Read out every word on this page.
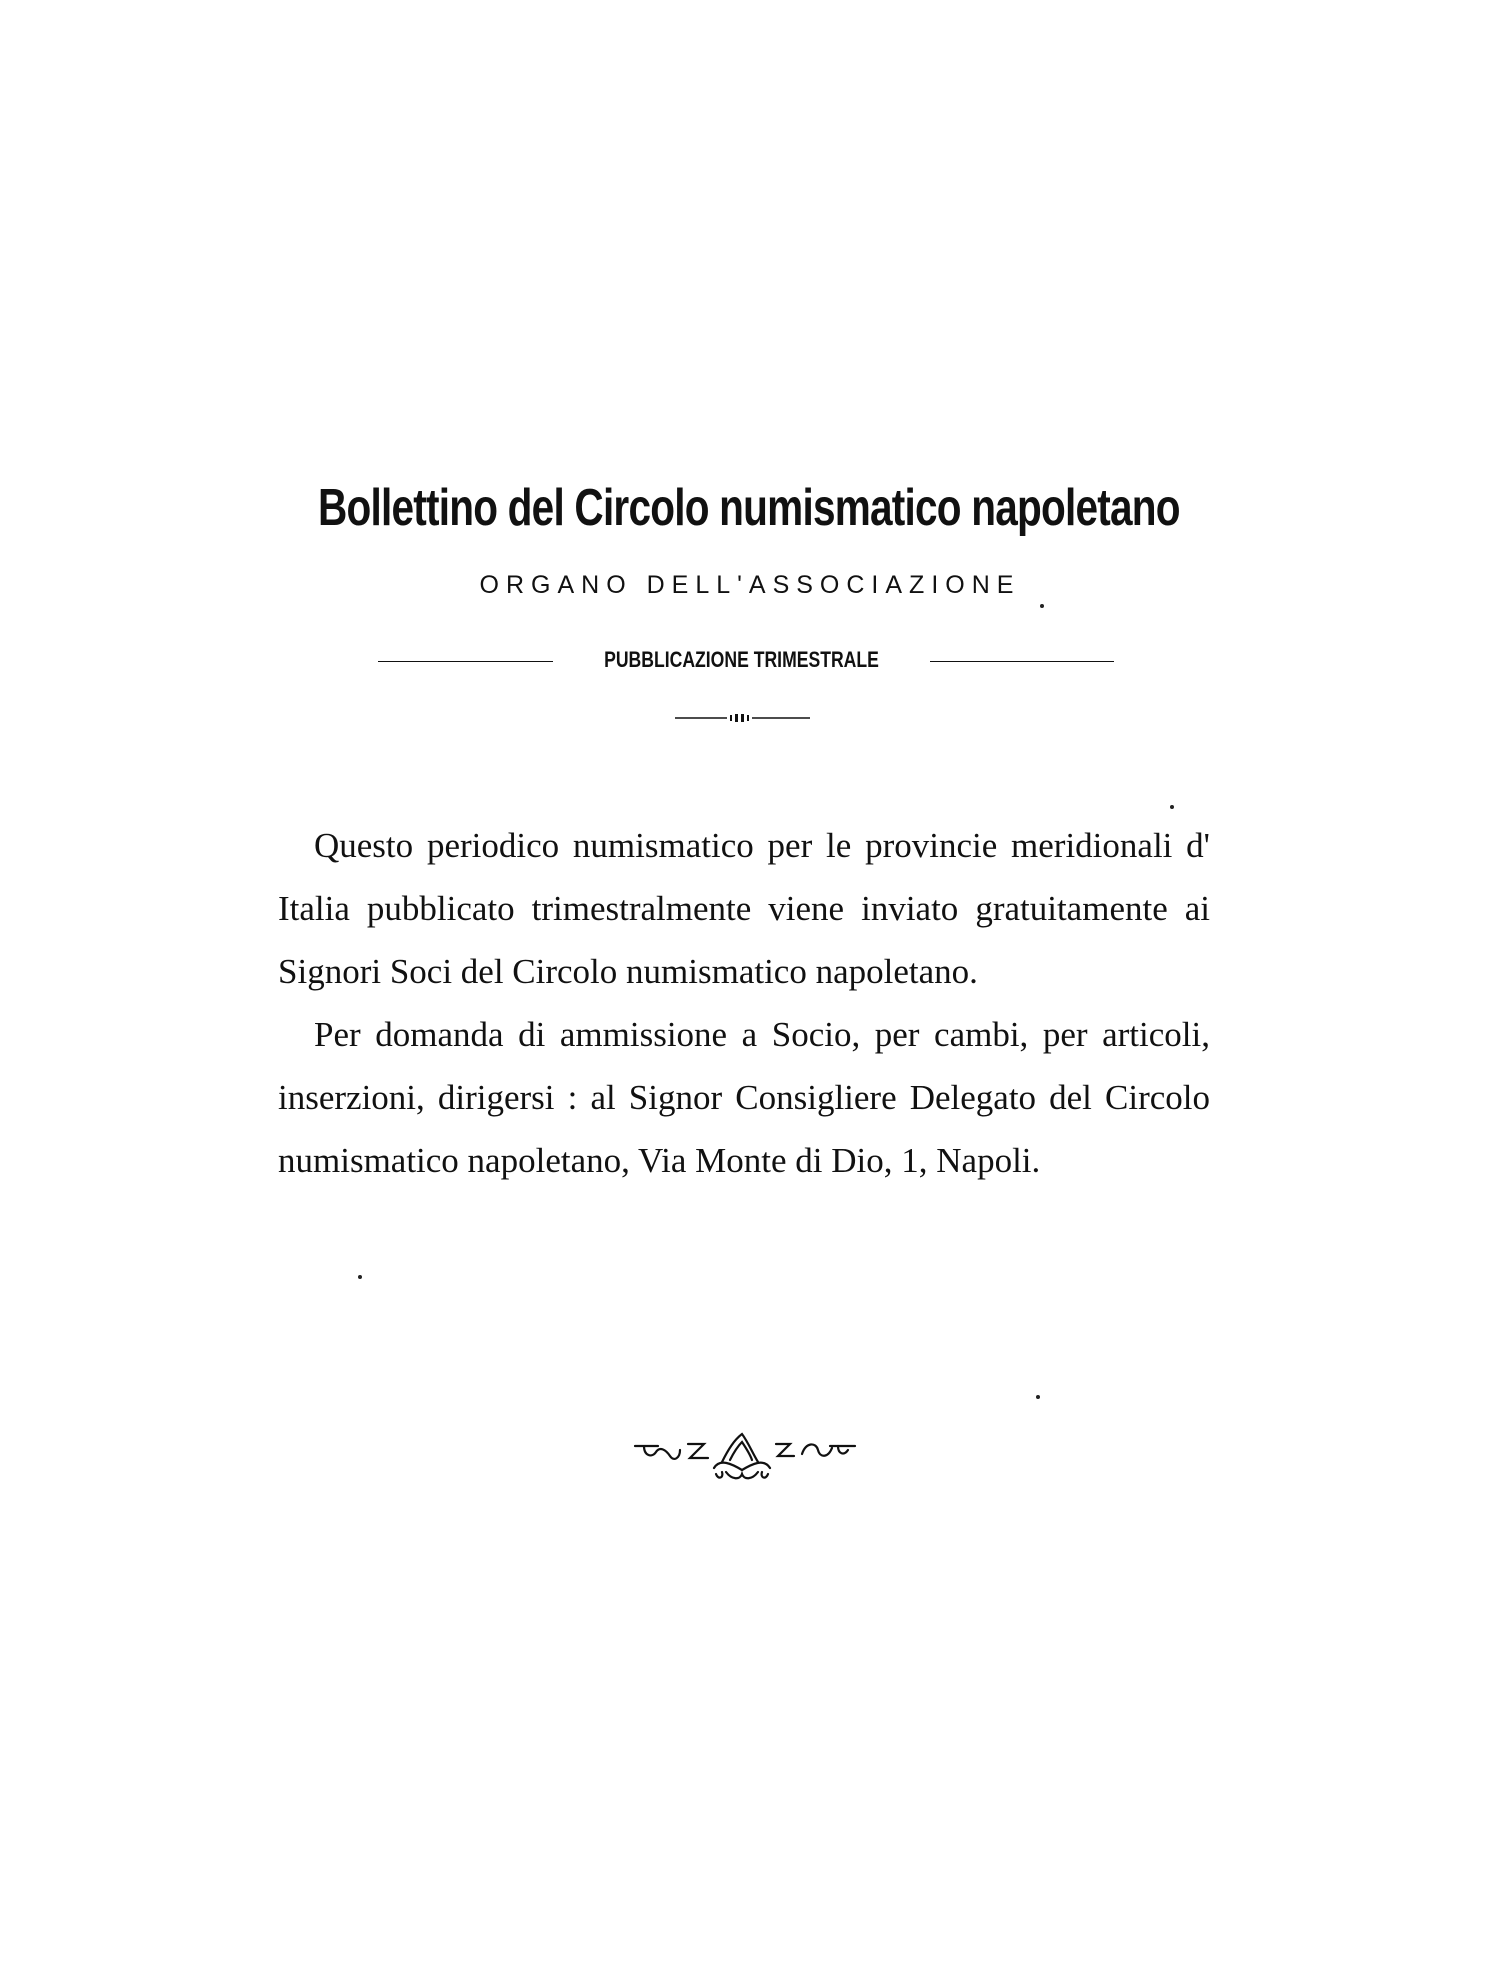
Bollettino del Circolo numismatico napoletano
ORGANO DELL'ASSOCIAZIONE
PUBBLICAZIONE TRIMESTRALE

Questo periodico numismatico per le provincie meridionali d' Italia pubblicato trimestralmente viene inviato gratuitamente ai Signori Soci del Circolo numismatico napoletano.

Per domanda di ammissione a Socio, per cambi, per articoli, inserzioni, dirigersi : al Signor Consigliere Delegato del Circolo numismatico napoletano, Via Monte di Dio, 1, Napoli.
